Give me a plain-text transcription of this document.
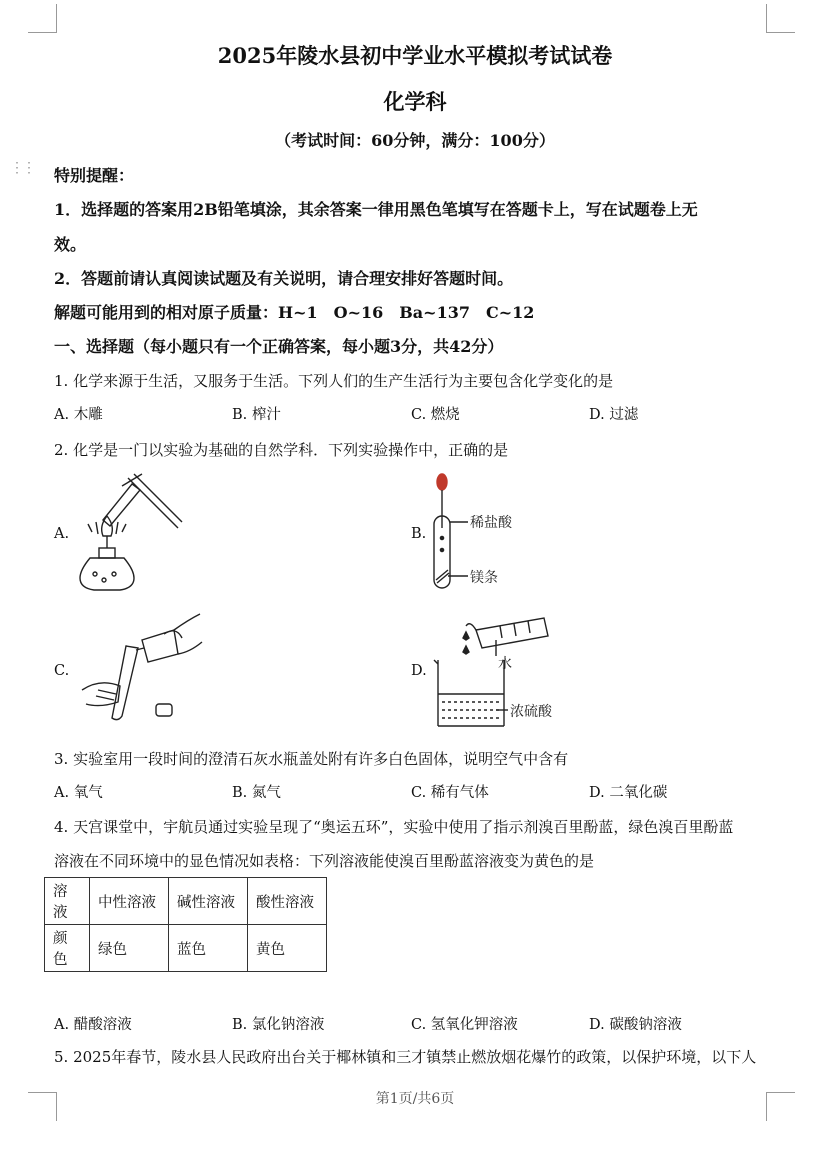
⋮⋮
2025年陵水县初中学业水平模拟考试试卷
化学科
（考试时间：60分钟，满分：100分）
特别提醒：
1．选择题的答案用2B铅笔填涂，其余答案一律用黑色笔填写在答题卡上，写在试题卷上无
效。
2．答题前请认真阅读试题及有关说明，请合理安排好答题时间。
解题可能用到的相对原子质量：H~1　O~16　Ba~137　C~12
一、选择题（每小题只有一个正确答案，每小题3分，共42分）
1. 化学来源于生活，又服务于生活。下列人们的生产生活行为主要包含化学变化的是
A. 木雕	B. 榨汁	C. 燃烧	D. 过滤
2. 化学是一门以实验为基础的自然学科．下列实验操作中，正确的是
A.	B.
C.	D.
稀盐酸
镁条
水
浓硫酸
3. 实验室用一段时间的澄清石灰水瓶盖处附有许多白色固体，说明空气中含有
A. 氧气	B. 氮气	C. 稀有气体	D. 二氧化碳
4. 天宫课堂中，宇航员通过实验呈现了“奥运五环”，实验中使用了指示剂溴百里酚蓝，绿色溴百里酚蓝
溶液在不同环境中的显色情况如表格：下列溶液能使溴百里酚蓝溶液变为黄色的是
溶液	中性溶液	碱性溶液	酸性溶液
颜色	绿色	蓝色	黄色
A. 醋酸溶液	B. 氯化钠溶液	C. 氢氧化钾溶液	D. 碳酸钠溶液
5. 2025年春节，陵水县人民政府出台关于椰林镇和三才镇禁止燃放烟花爆竹的政策，以保护环境，以下人
第1页/共6页
